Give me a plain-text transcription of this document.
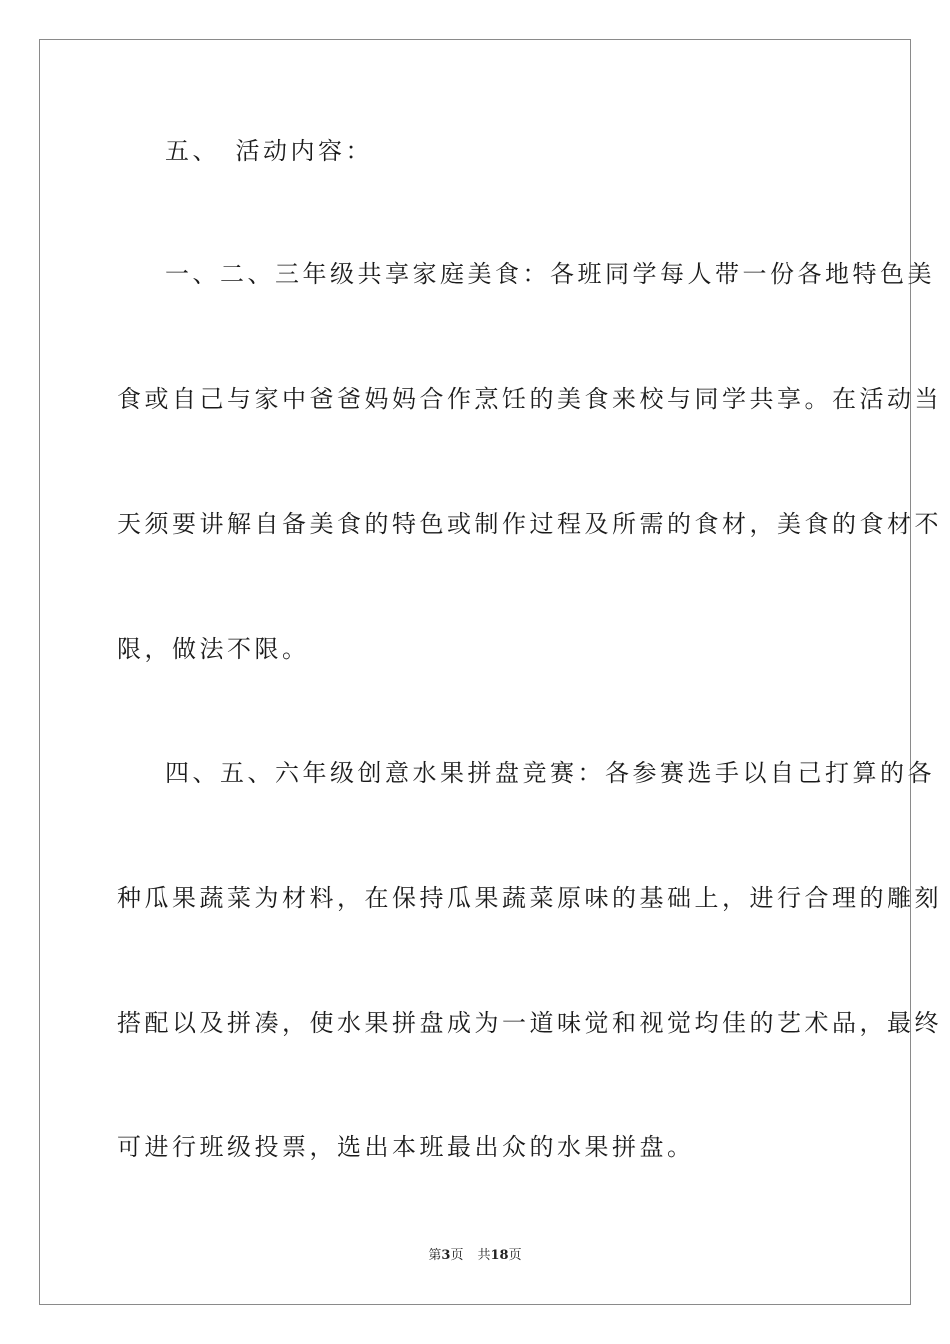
五、　活动内容：
一、二、三年级共享家庭美食：各班同学每人带一份各地特色美
食或自己与家中爸爸妈妈合作烹饪的美食来校与同学共享。在活动当
天须要讲解自备美食的特色或制作过程及所需的食材，美食的食材不
限，做法不限。
四、五、六年级创意水果拼盘竞赛：各参赛选手以自己打算的各
种瓜果蔬菜为材料，在保持瓜果蔬菜原味的基础上，进行合理的雕刻
搭配以及拼凑，使水果拼盘成为一道味觉和视觉均佳的艺术品，最终
可进行班级投票，选出本班最出众的水果拼盘。
第3页 共18页
